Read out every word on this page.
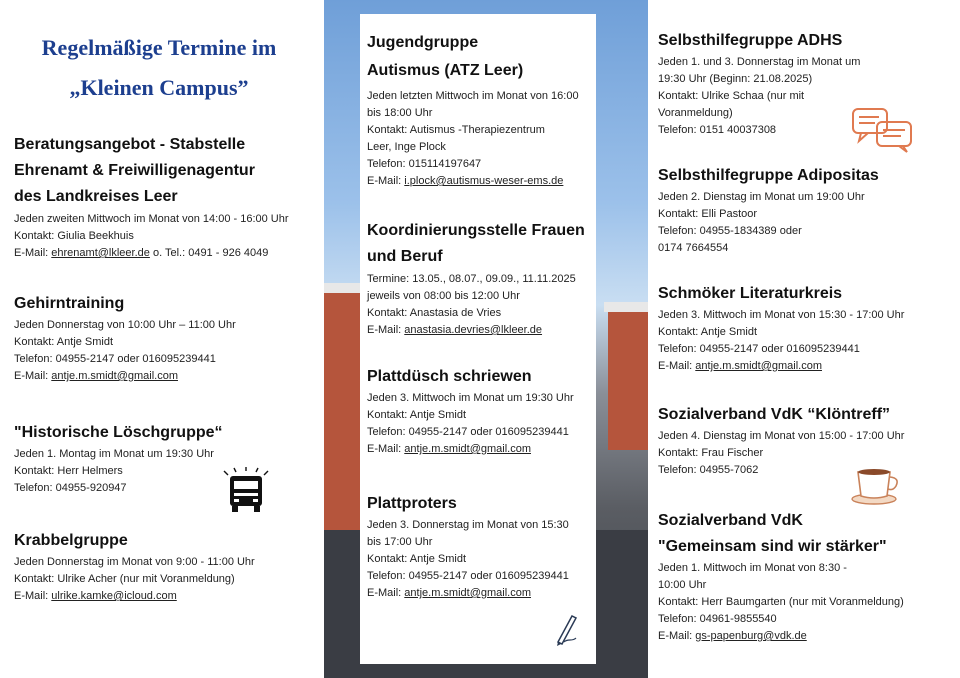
Regelmäßige Termine im
„Kleinen Campus”
Beratungsangebot - Stabstelle
Ehrenamt & Freiwilligenagentur
des Landkreises Leer
Jeden zweiten Mittwoch im Monat von 14:00 - 16:00 Uhr
Kontakt: Giulia Beekhuis
E-Mail: ehrenamt@lkleer.de o. Tel.: 0491 - 926 4049
Gehirntraining
Jeden Donnerstag von 10:00 Uhr – 11:00 Uhr
Kontakt: Antje Smidt
Telefon: 04955-2147 oder 016095239441
E-Mail: antje.m.smidt@gmail.com
"Historische Löschgruppe“
Jeden 1. Montag im Monat um 19:30 Uhr
Kontakt: Herr Helmers
Telefon: 04955-920947
Krabbelgruppe
Jeden Donnerstag im Monat von 9:00 - 11:00 Uhr
Kontakt: Ulrike Acher (nur mit Voranmeldung)
E-Mail: ulrike.kamke@icloud.com
Jugendgruppe
Autismus (ATZ Leer)
Jeden letzten Mittwoch im Monat von 16:00
bis 18:00 Uhr
Kontakt: Autismus -Therapiezentrum
Leer, Inge Plock
Telefon: 015114197647
E-Mail: i.plock@autismus-weser-ems.de
Koordinierungsstelle Frauen
und Beruf
Termine: 13.05., 08.07., 09.09., 11.11.2025
jeweils von 08:00 bis 12:00 Uhr
Kontakt: Anastasia de Vries
E-Mail: anastasia.devries@lkleer.de
Plattdüsch schriewen
Jeden 3. Mittwoch im Monat um 19:30 Uhr
Kontakt: Antje Smidt
Telefon: 04955-2147 oder 016095239441
E-Mail: antje.m.smidt@gmail.com
Plattproters
Jeden 3. Donnerstag im Monat von 15:30
bis 17:00 Uhr
Kontakt: Antje Smidt
Telefon: 04955-2147 oder 016095239441
E-Mail: antje.m.smidt@gmail.com
Selbsthilfegruppe ADHS
Jeden 1. und 3. Donnerstag im Monat um
19:30 Uhr (Beginn: 21.08.2025)
Kontakt: Ulrike Schaa (nur mit
Voranmeldung)
Telefon: 0151 40037308
Selbsthilfegruppe Adipositas
Jeden 2. Dienstag im Monat um 19:00 Uhr
Kontakt: Elli Pastoor
Telefon: 04955-1834389 oder
0174 7664554
Schmöker Literaturkreis
Jeden 3. Mittwoch im Monat von 15:30 - 17:00 Uhr
Kontakt: Antje Smidt
Telefon: 04955-2147 oder 016095239441
E-Mail: antje.m.smidt@gmail.com
Sozialverband VdK “Klöntreff”
Jeden 4. Dienstag im Monat von 15:00 - 17:00 Uhr
Kontakt: Frau Fischer
Telefon: 04955-7062
Sozialverband VdK
"Gemeinsam sind wir stärker"
Jeden 1. Mittwoch im Monat von 8:30 -
10:00 Uhr
Kontakt: Herr Baumgarten (nur mit Voranmeldung)
Telefon: 04961-9855540
E-Mail: gs-papenburg@vdk.de
